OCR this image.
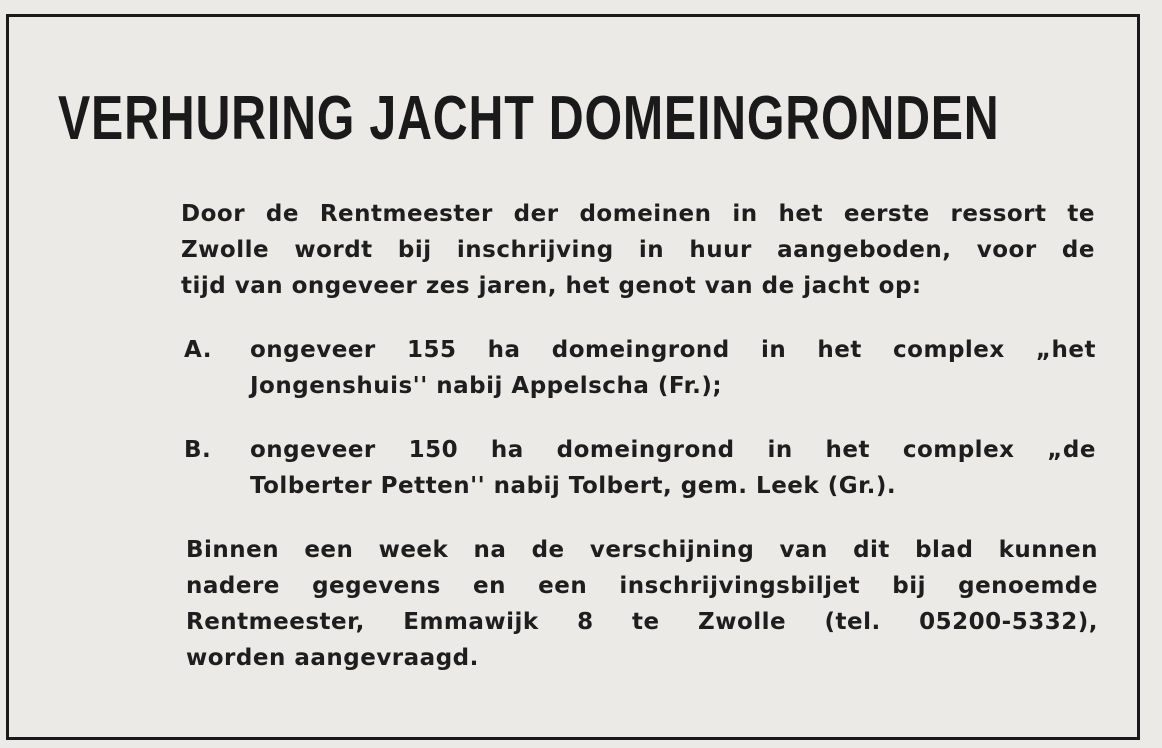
VERHURING JACHT DOMEINGRONDEN
Door de Rentmeester der domeinen in het eerste ressort te
Zwolle wordt bij inschrijving in huur aangeboden, voor de
tijd van ongeveer zes jaren, het genot van de jacht op:
A.	ongeveer 155 ha domeingrond in het complex „het
Jongenshuis'' nabij Appelscha (Fr.);
B.	ongeveer 150 ha domeingrond in het complex „de
Tolberter Petten'' nabij Tolbert, gem. Leek (Gr.).
Binnen een week na de verschijning van dit blad kunnen
nadere gegevens en een inschrijvingsbiljet bij genoemde
Rentmeester, Emmawijk 8 te Zwolle (tel. 05200-5332),
worden aangevraagd.
